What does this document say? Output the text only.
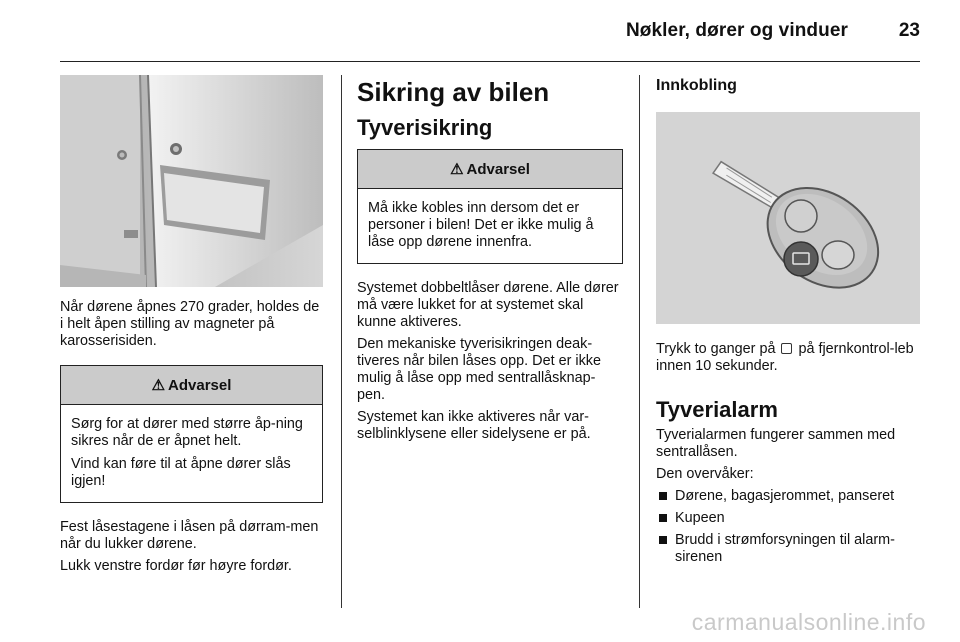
Nøkler, dører og vinduer	23

Når dørene åpnes 270 grader, holdes de i helt åpen stilling av magneter på karosserisiden.

⚠ Advarsel

Sørg for at dører med større åp-ning sikres når de er åpnet helt.

Vind kan føre til at åpne dører slås igjen!

Fest låsestagene i låsen på dørram-men når du lukker dørene.

Lukk venstre fordør før høyre fordør.

Sikring av bilen
Tyverisikring
⚠ Advarsel

Må ikke kobles inn dersom det er personer i bilen! Det er ikke mulig å låse opp dørene innenfra.

Systemet dobbeltlåser dørene. Alle dører må være lukket for at systemet skal kunne aktiveres.

Den mekaniske tyverisikringen deak-tiveres når bilen låses opp. Det er ikke mulig å låse opp med sentrallåsknap-pen.

Systemet kan ikke aktiveres når var-selblinklysene eller sidelysene er på.

Innkobling

Trykk to ganger på på fjernkontrol-leb innen 10 sekunder.

Tyverialarm

Tyverialarmen fungerer sammen med sentrallåsen.

Den overvåker:

Dørene, bagasjerommet, panseret
Kupeen
Brudd i strømforsyningen til alarm-sirenen
carmanualsonline.info
